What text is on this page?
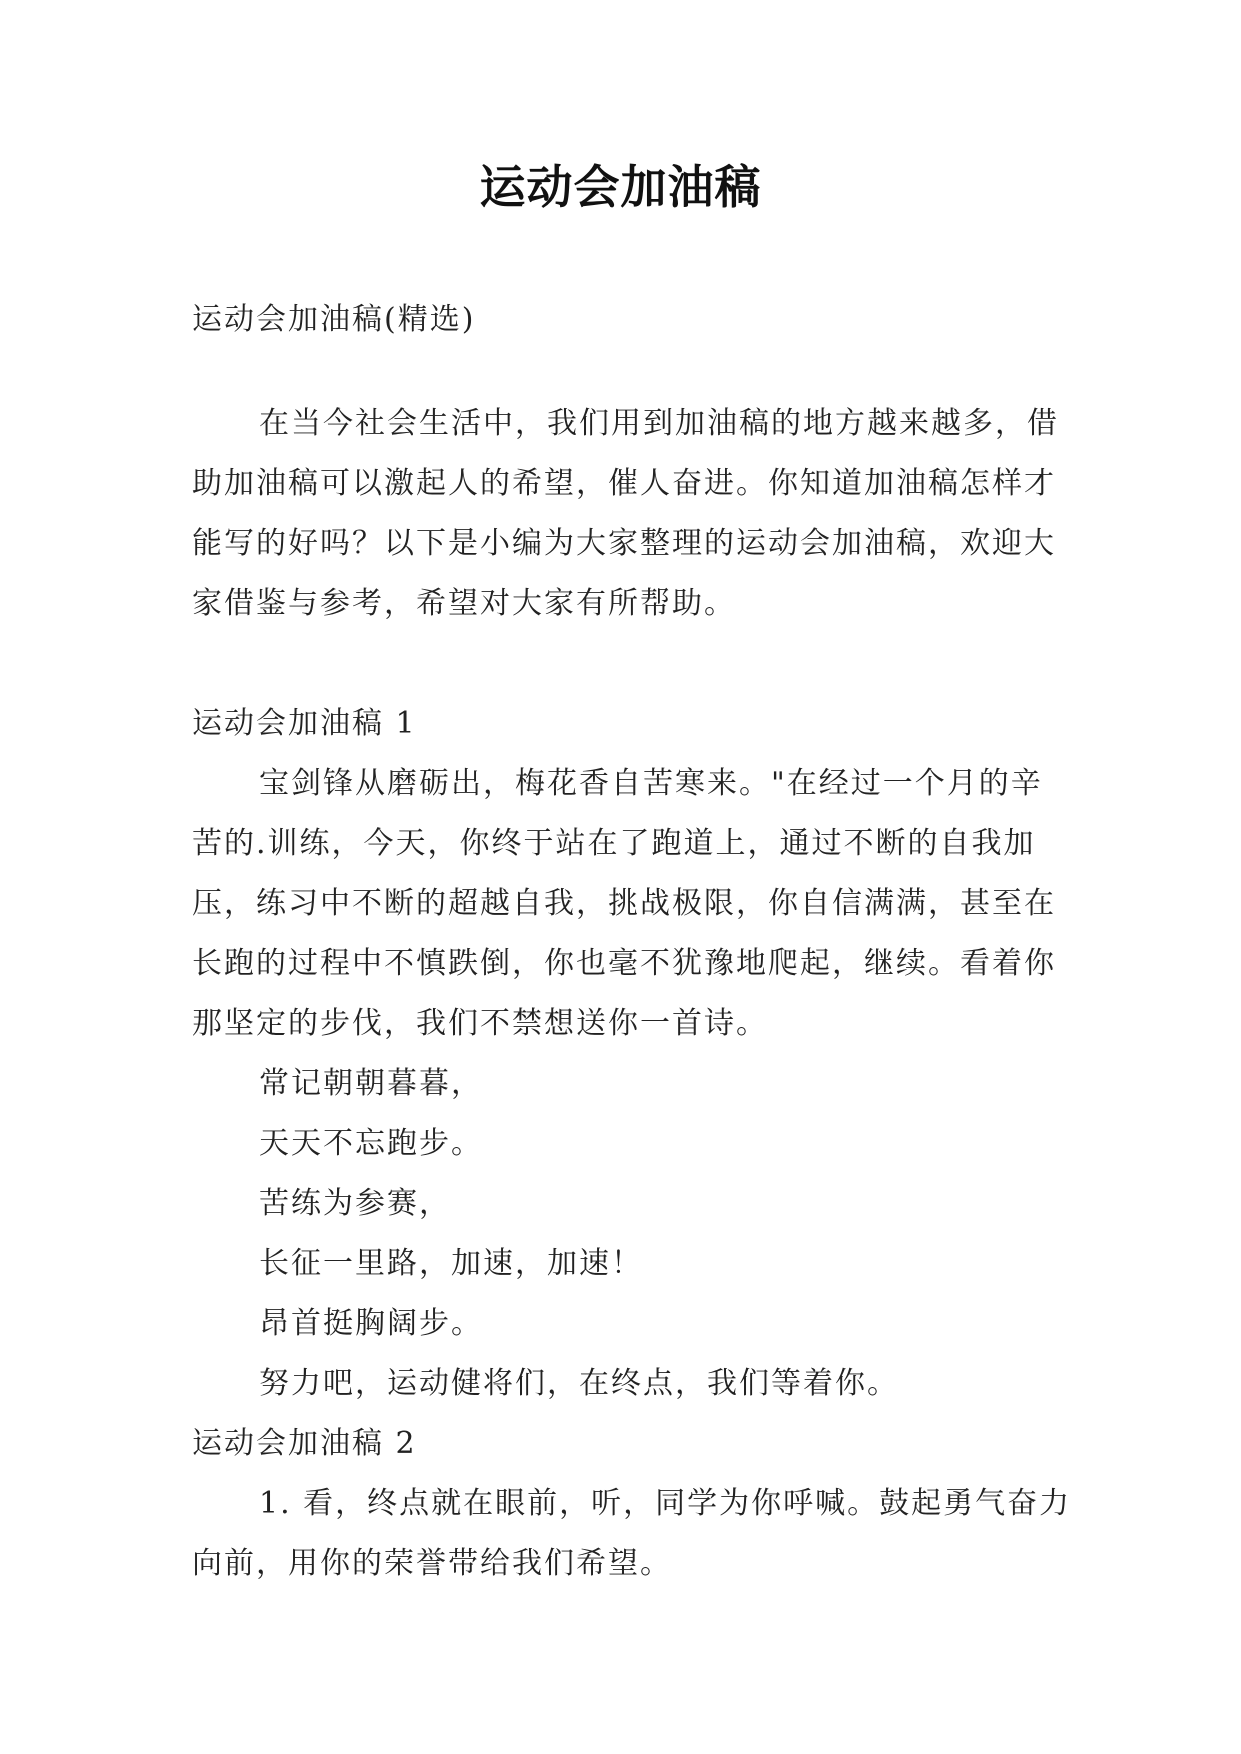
运动会加油稿

运动会加油稿(精选)

在当今社会生活中，我们用到加油稿的地方越来越多，借助加油稿可以激起人的希望，催人奋进。你知道加油稿怎样才能写的好吗？以下是小编为大家整理的运动会加油稿，欢迎大家借鉴与参考，希望对大家有所帮助。

运动会加油稿 1

宝剑锋从磨砺出，梅花香自苦寒来。"在经过一个月的辛苦的.训练，今天，你终于站在了跑道上，通过不断的自我加压，练习中不断的超越自我，挑战极限，你自信满满，甚至在长跑的过程中不慎跌倒，你也毫不犹豫地爬起，继续。看着你那坚定的步伐，我们不禁想送你一首诗。

常记朝朝暮暮，

天天不忘跑步。

苦练为参赛，

长征一里路，加速，加速！

昂首挺胸阔步。

努力吧，运动健将们，在终点，我们等着你。

运动会加油稿 2

1. 看，终点就在眼前，听，同学为你呼喊。鼓起勇气奋力向前，用你的荣誉带给我们希望。
